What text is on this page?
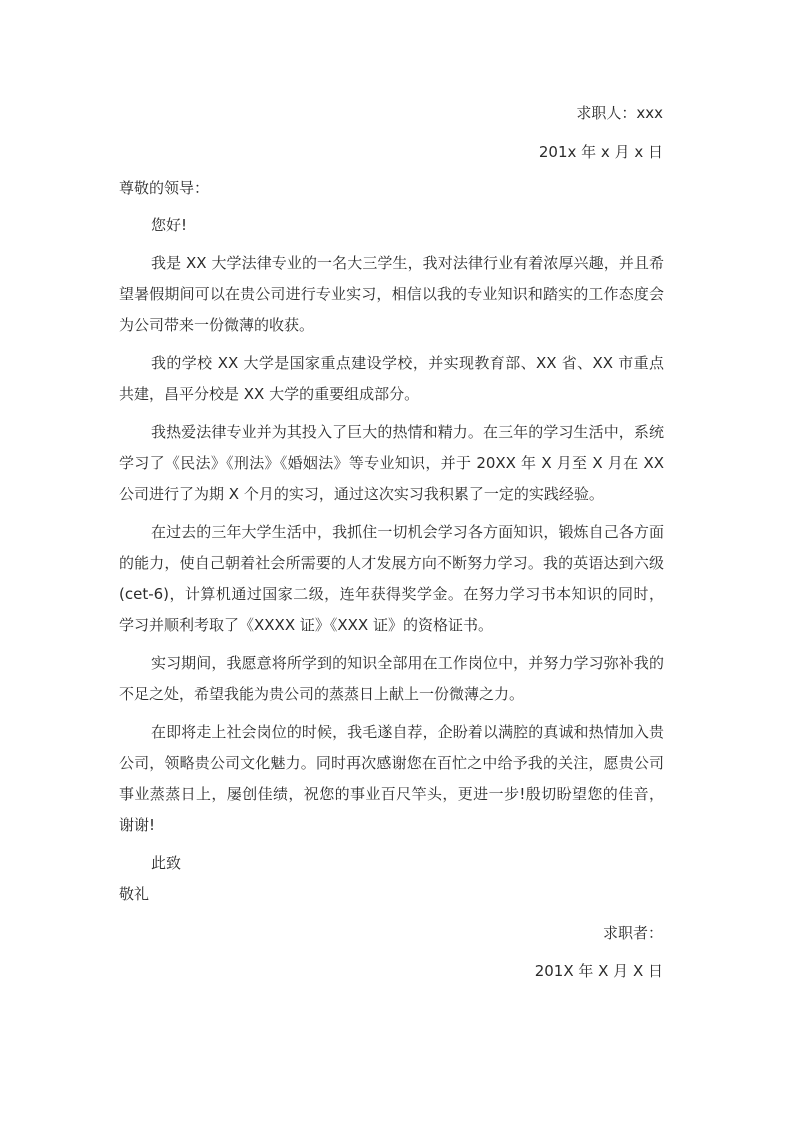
求职人：xxx
201x 年 x 月 x 日
尊敬的领导：

您好!

我是 XX 大学法律专业的一名大三学生，我对法律行业有着浓厚兴趣，并且希望暑假期间可以在贵公司进行专业实习，相信以我的专业知识和踏实的工作态度会为公司带来一份微薄的收获。

我的学校 XX 大学是国家重点建设学校，并实现教育部、XX 省、XX 市重点共建，昌平分校是 XX 大学的重要组成部分。

我热爱法律专业并为其投入了巨大的热情和精力。在三年的学习生活中，系统学习了《民法》《刑法》《婚姻法》等专业知识，并于 20XX 年 X 月至 X 月在 XX 公司进行了为期 X 个月的实习，通过这次实习我积累了一定的实践经验。

在过去的三年大学生活中，我抓住一切机会学习各方面知识，锻炼自己各方面的能力，使自己朝着社会所需要的人才发展方向不断努力学习。我的英语达到六级(cet-6)，计算机通过国家二级，连年获得奖学金。在努力学习书本知识的同时，学习并顺利考取了《XXXX 证》《XXX 证》的资格证书。

实习期间，我愿意将所学到的知识全部用在工作岗位中，并努力学习弥补我的不足之处，希望我能为贵公司的蒸蒸日上献上一份微薄之力。

在即将走上社会岗位的时候，我毛遂自荐，企盼着以满腔的真诚和热情加入贵公司，领略贵公司文化魅力。同时再次感谢您在百忙之中给予我的关注，愿贵公司事业蒸蒸日上，屡创佳绩，祝您的事业百尺竿头，更进一步!殷切盼望您的佳音，谢谢!

此致

敬礼
求职者：
201X 年 X 月 X 日
